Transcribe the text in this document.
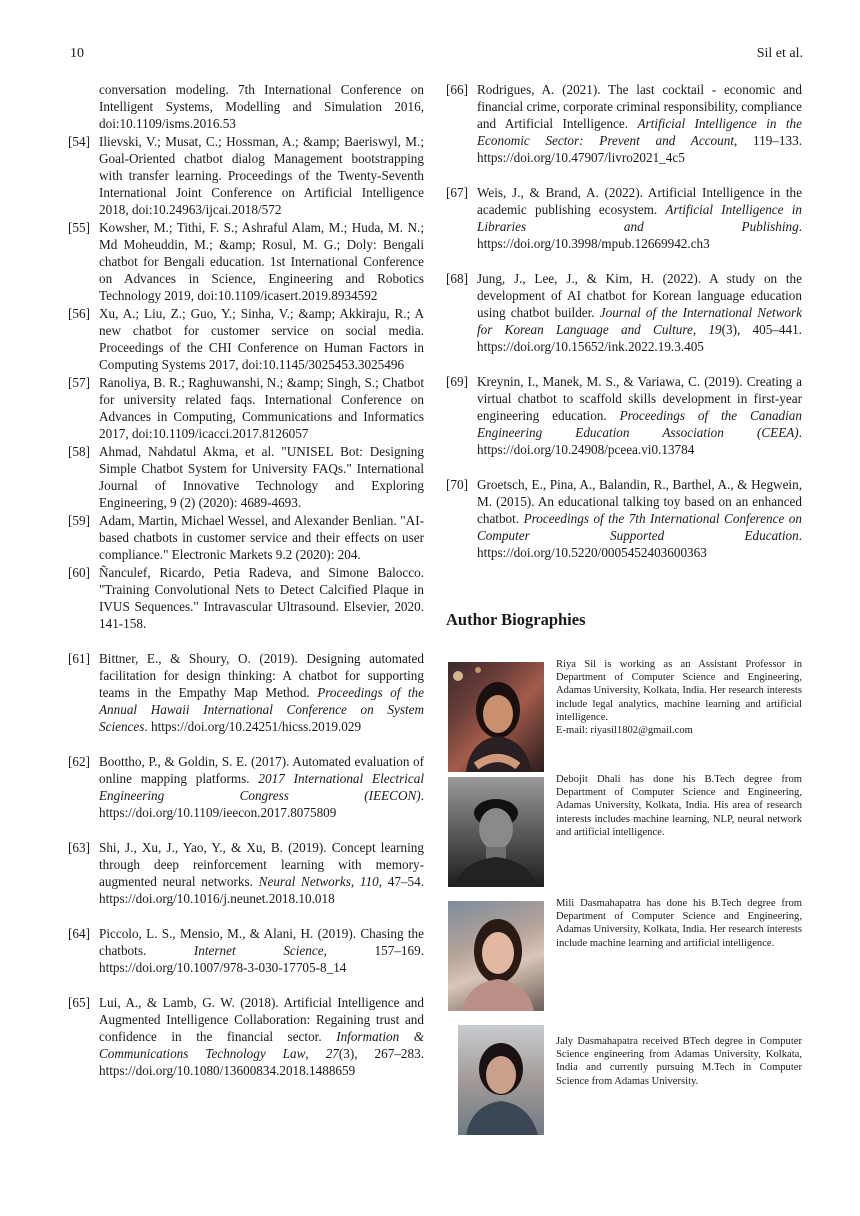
10	Sil et al.
conversation modeling. 7th International Conference on Intelligent Systems, Modelling and Simulation 2016, doi:10.1109/isms.2016.53
[54] Ilievski, V.; Musat, C.; Hossman, A.; &amp; Baeriswyl, M.; Goal-Oriented chatbot dialog Management bootstrapping with transfer learning. Proceedings of the Twenty-Seventh International Joint Conference on Artificial Intelligence 2018, doi:10.24963/ijcai.2018/572
[55] Kowsher, M.; Tithi, F. S.; Ashraful Alam, M.; Huda, M. N.; Md Moheuddin, M.; &amp; Rosul, M. G.; Doly: Bengali chatbot for Bengali education. 1st International Conference on Advances in Science, Engineering and Robotics Technology 2019, doi:10.1109/icasert.2019.8934592
[56] Xu, A.; Liu, Z.; Guo, Y.; Sinha, V.; &amp; Akkiraju, R.; A new chatbot for customer service on social media. Proceedings of the CHI Conference on Human Factors in Computing Systems 2017, doi:10.1145/3025453.3025496
[57] Ranoliya, B. R.; Raghuwanshi, N.; &amp; Singh, S.; Chatbot for university related faqs. International Conference on Advances in Computing, Communications and Informatics 2017, doi:10.1109/icacci.2017.8126057
[58] Ahmad, Nahdatul Akma, et al. "UNISEL Bot: Designing Simple Chatbot System for University FAQs." International Journal of Innovative Technology and Exploring Engineering, 9 (2) (2020): 4689-4693.
[59] Adam, Martin, Michael Wessel, and Alexander Benlian. "AI-based chatbots in customer service and their effects on user compliance." Electronic Markets 9.2 (2020): 204.
[60] Ñanculef, Ricardo, Petia Radeva, and Simone Balocco. "Training Convolutional Nets to Detect Calcified Plaque in IVUS Sequences." Intravascular Ultrasound. Elsevier, 2020. 141-158.
[61] Bittner, E., & Shoury, O. (2019). Designing automated facilitation for design thinking: A chatbot for supporting teams in the Empathy Map Method. Proceedings of the Annual Hawaii International Conference on System Sciences. https://doi.org/10.24251/hicss.2019.029
[62] Boottho, P., & Goldin, S. E. (2017). Automated evaluation of online mapping platforms. 2017 International Electrical Engineering Congress (IEECON). https://doi.org/10.1109/ieecon.2017.8075809
[63] Shi, J., Xu, J., Yao, Y., & Xu, B. (2019). Concept learning through deep reinforcement learning with memory-augmented neural networks. Neural Networks, 110, 47–54. https://doi.org/10.1016/j.neunet.2018.10.018
[64] Piccolo, L. S., Mensio, M., & Alani, H. (2019). Chasing the chatbots. Internet Science, 157–169. https://doi.org/10.1007/978-3-030-17705-8_14
[65] Lui, A., & Lamb, G. W. (2018). Artificial Intelligence and Augmented Intelligence Collaboration: Regaining trust and confidence in the financial sector. Information & Communications Technology Law, 27(3), 267–283. https://doi.org/10.1080/13600834.2018.1488659
[66] Rodrigues, A. (2021). The last cocktail - economic and financial crime, corporate criminal responsibility, compliance and Artificial Intelligence. Artificial Intelligence in the Economic Sector: Prevent and Account, 119–133. https://doi.org/10.47907/livro2021_4c5
[67] Weis, J., & Brand, A. (2022). Artificial Intelligence in the academic publishing ecosystem. Artificial Intelligence in Libraries and Publishing. https://doi.org/10.3998/mpub.12669942.ch3
[68] Jung, J., Lee, J., & Kim, H. (2022). A study on the development of AI chatbot for Korean language education using chatbot builder. Journal of the International Network for Korean Language and Culture, 19(3), 405–441. https://doi.org/10.15652/ink.2022.19.3.405
[69] Kreynin, I., Manek, M. S., & Variawa, C. (2019). Creating a virtual chatbot to scaffold skills development in first-year engineering education. Proceedings of the Canadian Engineering Education Association (CEEA). https://doi.org/10.24908/pceea.vi0.13784
[70] Groetsch, E., Pina, A., Balandin, R., Barthel, A., & Hegwein, M. (2015). An educational talking toy based on an enhanced chatbot. Proceedings of the 7th International Conference on Computer Supported Education. https://doi.org/10.5220/0005452403600363
Author Biographies
Riya Sil is working as an Assistant Professor in Department of Computer Science and Engineering, Adamas University, Kolkata, India. Her research interests include legal analytics, machine learning and artificial intelligence.
E-mail: riyasil1802@gmail.com
Debojit Dhali has done his B.Tech degree from Department of Computer Science and Engineering, Adamas University, Kolkata, India. His area of research interests includes machine learning, NLP, neural network and artificial intelligence.
Mili Dasmahapatra has done his B.Tech degree from Department of Computer Science and Engineering, Adamas University, Kolkata, India. Her research interests include machine learning and artificial intelligence.
Jaly Dasmahapatra received BTech degree in Computer Science engineering from Adamas University, Kolkata, India and currently pursuing M.Tech in Computer Science from Adamas University.
